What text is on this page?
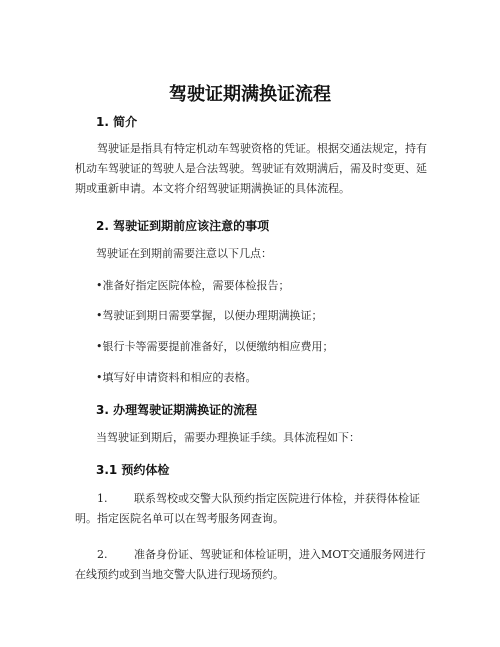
驾驶证期满换证流程
1. 简介
驾驶证是指具有特定机动车驾驶资格的凭证。根据交通法规定，持有机动车驾驶证的驾驶人是合法驾驶。驾驶证有效期满后，需及时变更、延期或重新申请。本文将介绍驾驶证期满换证的具体流程。
2. 驾驶证到期前应该注意的事项
驾驶证在到期前需要注意以下几点：
•准备好指定医院体检，需要体检报告；
•驾驶证到期日需要掌握，以便办理期满换证；
•银行卡等需要提前准备好，以便缴纳相应费用；
•填写好申请资料和相应的表格。
3. 办理驾驶证期满换证的流程
当驾驶证到期后，需要办理换证手续。具体流程如下：
3.1 预约体检
1. 联系驾校或交警大队预约指定医院进行体检，并获得体检证明。指定医院名单可以在驾考服务网查询。
2. 准备身份证、驾驶证和体检证明，进入MOT交通服务网进行在线预约或到当地交警大队进行现场预约。
